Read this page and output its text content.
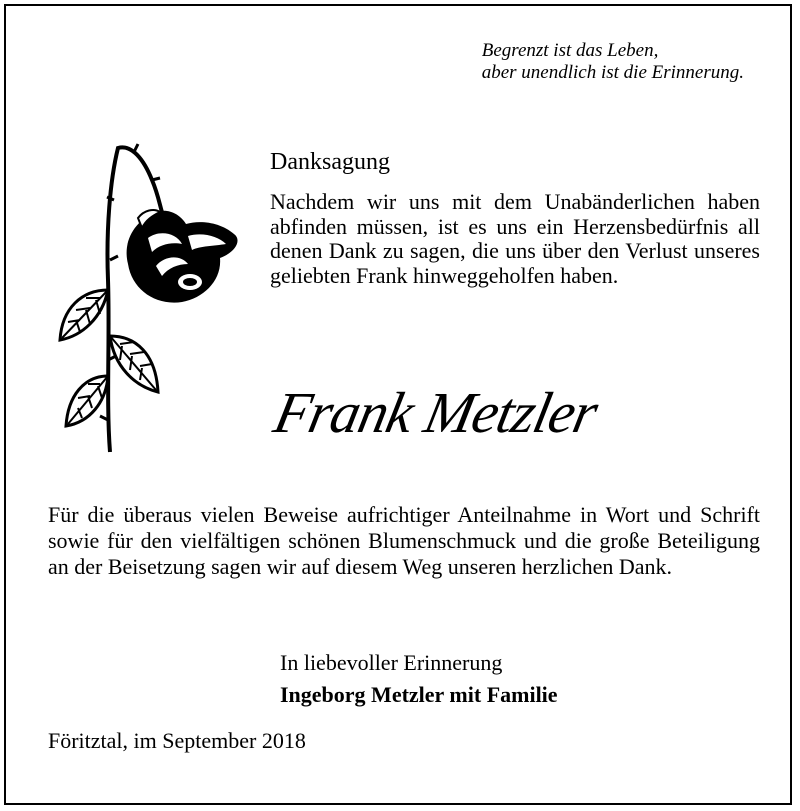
Begrenzt ist das Leben,
aber unendlich ist die Erinnerung.
Danksagung
Nachdem wir uns mit dem Unabänderlichen haben abfinden müssen, ist es uns ein Herzensbedürfnis all denen Dank zu sagen, die uns über den Verlust unseres geliebten Frank hinweggeholfen haben.
Frank Metzler
Für die überaus vielen Beweise aufrichtiger Anteilnahme in Wort und Schrift sowie für den vielfältigen schönen Blumenschmuck und die große Beteiligung an der Beisetzung sagen wir auf diesem Weg unseren herzlichen Dank.
In liebevoller Erinnerung
Ingeborg Metzler mit Familie
Föritztal, im September 2018
